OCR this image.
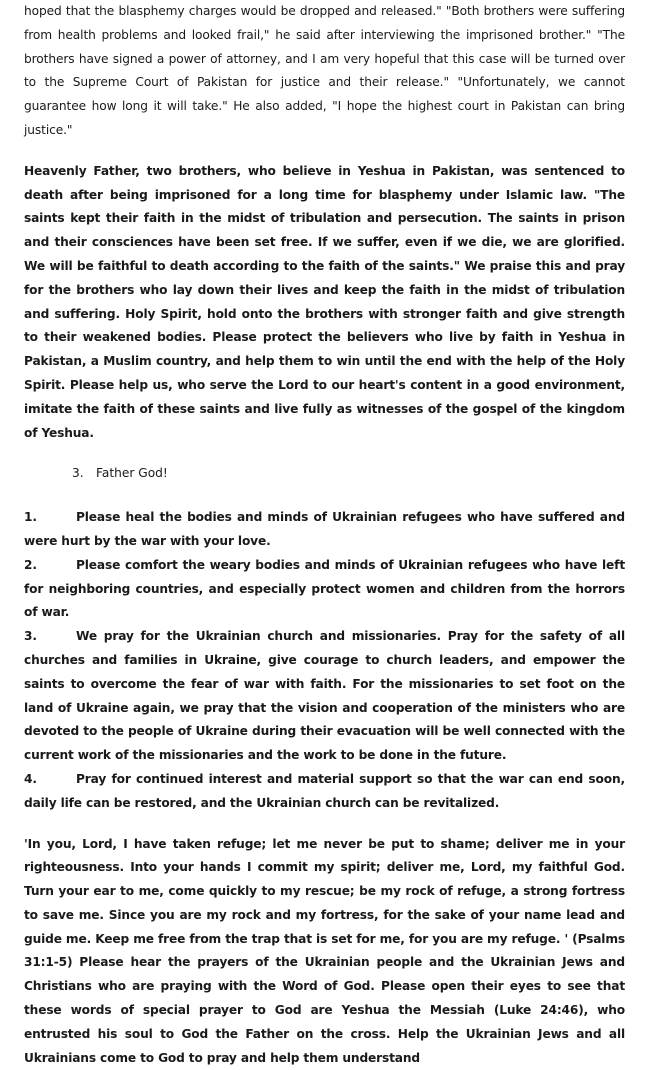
hoped that the blasphemy charges would be dropped and released." "Both brothers were suffering from health problems and looked frail," he said after interviewing the imprisoned brother." "The brothers have signed a power of attorney, and I am very hopeful that this case will be turned over to the Supreme Court of Pakistan for justice and their release." "Unfortunately, we cannot guarantee how long it will take." He also added, "I hope the highest court in Pakistan can bring justice."

Heavenly Father, two brothers, who believe in Yeshua in Pakistan, was sentenced to death after being imprisoned for a long time for blasphemy under Islamic law. "The saints kept their faith in the midst of tribulation and persecution. The saints in prison and their consciences have been set free. If we suffer, even if we die, we are glorified. We will be faithful to death according to the faith of the saints." We praise this and pray for the brothers who lay down their lives and keep the faith in the midst of tribulation and suffering. Holy Spirit, hold onto the brothers with stronger faith and give strength to their weakened bodies. Please protect the believers who live by faith in Yeshua in Pakistan, a Muslim country, and help them to win until the end with the help of the Holy Spirit. Please help us, who serve the Lord to our heart's content in a good environment, imitate the faith of these saints and live fully as witnesses of the gospel of the kingdom of Yeshua.

3. Father God!

1.	Please heal the bodies and minds of Ukrainian refugees who have suffered and were hurt by the war with your love.

2.	Please comfort the weary bodies and minds of Ukrainian refugees who have left for neighboring countries, and especially protect women and children from the horrors of war.

3.	We pray for the Ukrainian church and missionaries. Pray for the safety of all churches and families in Ukraine, give courage to church leaders, and empower the saints to overcome the fear of war with faith. For the missionaries to set foot on the land of Ukraine again, we pray that the vision and cooperation of the ministers who are devoted to the people of Ukraine during their evacuation will be well connected with the current work of the missionaries and the work to be done in the future.

4.	Pray for continued interest and material support so that the war can end soon, daily life can be restored, and the Ukrainian church can be revitalized.

'In you, Lord, I have taken refuge; let me never be put to shame; deliver me in your righteousness. Into your hands I commit my spirit; deliver me, Lord, my faithful God. Turn your ear to me, come quickly to my rescue; be my rock of refuge, a strong fortress to save me. Since you are my rock and my fortress, for the sake of your name lead and guide me. Keep me free from the trap that is set for me, for you are my refuge. ' (Psalms 31:1-5) Please hear the prayers of the Ukrainian people and the Ukrainian Jews and Christians who are praying with the Word of God. Please open their eyes to see that these words of special prayer to God are Yeshua the Messiah (Luke 24:46), who entrusted his soul to God the Father on the cross. Help the Ukrainian Jews and all Ukrainians come to God to pray and help them understand
